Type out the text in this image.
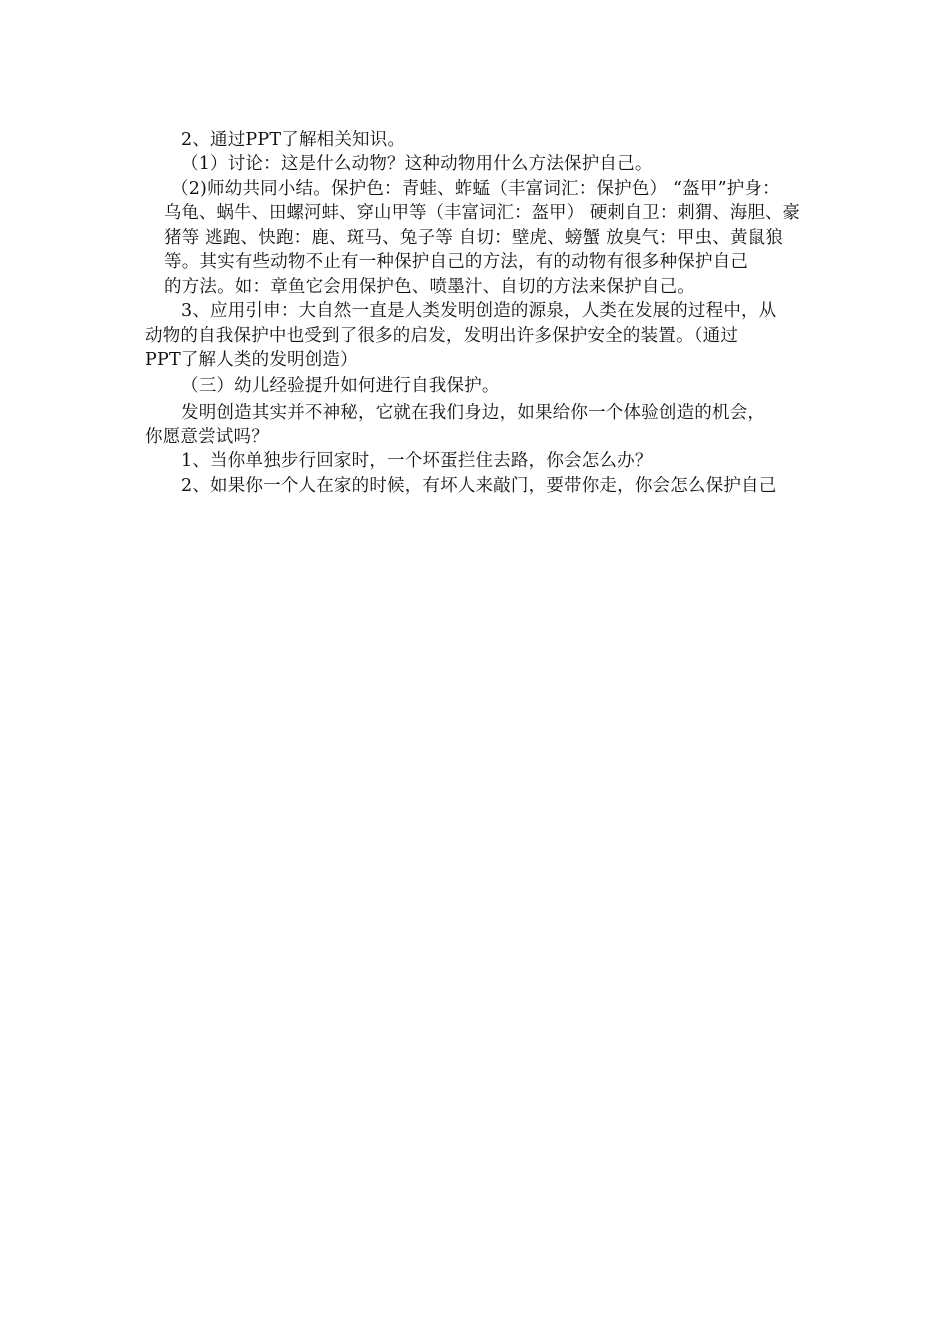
2、通过PPT了解相关知识。
（1）讨论：这是什么动物？这种动物用什么方法保护自己。
（2)师幼共同小结。保护色：青蛙、蚱蜢（丰富词汇：保护色） “盔甲”护身：
乌龟、蜗牛、田螺河蚌、穿山甲等（丰富词汇：盔甲） 硬刺自卫：刺猬、海胆、豪
猪等 逃跑、快跑：鹿、斑马、兔子等 自切：壁虎、螃蟹 放臭气：甲虫、黄鼠狼
等。其实有些动物不止有一种保护自己的方法，有的动物有很多种保护自己
的方法。如：章鱼它会用保护色、喷墨汁、自切的方法来保护自己。
3、应用引申：大自然一直是人类发明创造的源泉，人类在发展的过程中，从
动物的自我保护中也受到了很多的启发，发明出许多保护安全的装置。（通过
PPT了解人类的发明创造）
（三）幼儿经验提升如何进行自我保护。
发明创造其实并不神秘，它就在我们身边，如果给你一个体验创造的机会，
你愿意尝试吗？
1、当你单独步行回家时，一个坏蛋拦住去路，你会怎么办？
2、如果你一个人在家的时候，有坏人来敲门，要带你走，你会怎么保护自己
